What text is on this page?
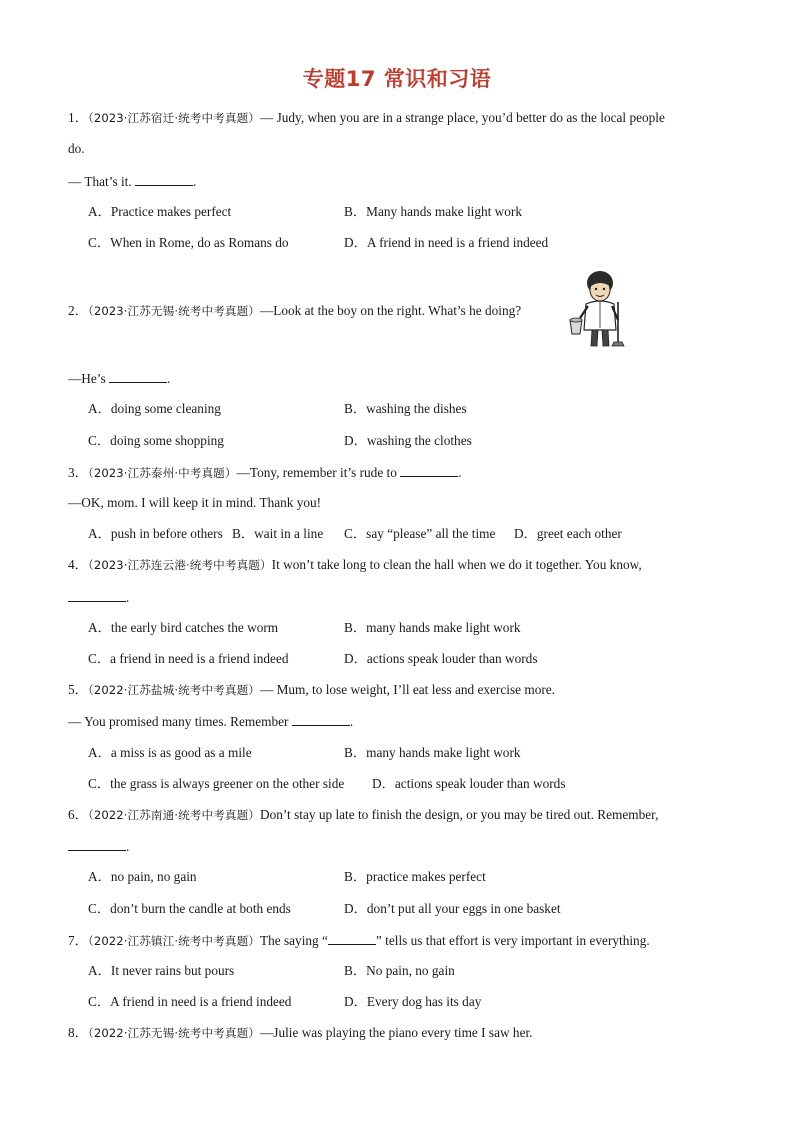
专题17 常识和习语
1．（2023·江苏宿迁·统考中考真题）— Judy, when you are in a strange place, you’d better do as the local people
do.
— That’s it.	.
A．Practice makes perfect	B．Many hands make light work
C．When in Rome, do as Romans do	D．A friend in need is a friend indeed
2．（2023·江苏无锡·统考中考真题）—Look at the boy on the right. What’s he doing?
—He’s	.
A．doing some cleaning	B．washing the dishes
C．doing some shopping	D．washing the clothes
3．（2023·江苏泰州·中考真题）—Tony, remember it’s rude to	.
—OK, mom. I will keep it in mind. Thank you!
A．push in before others B．wait in a line C．say “please” all the time D．greet each other
4．（2023·江苏连云港·统考中考真题）It won’t take long to clean the hall when we do it together. You know,
.
A．the early bird catches the worm	B．many hands make light work
C．a friend in need is a friend indeed	D．actions speak louder than words
5．（2022·江苏盐城·统考中考真题）— Mum, to lose weight, I’ll eat less and exercise more.
— You promised many times. Remember	.
A．a miss is as good as a mile	B．many hands make light work
C．the grass is always greener on the other side D．actions speak louder than words
6．（2022·江苏南通·统考中考真题）Don’t stay up late to finish the design, or you may be tired out. Remember,
.
A．no pain, no gain	B．practice makes perfect
C．don’t burn the candle at both ends	D．don’t put all your eggs in one basket
7．（2022·江苏镇江·统考中考真题）The saying “	” tells us that effort is very important in everything.
A．It never rains but pours	B．No pain, no gain
C．A friend in need is a friend indeed	D．Every dog has its day
8．（2022·江苏无锡·统考中考真题）—Julie was playing the piano every time I saw her.
